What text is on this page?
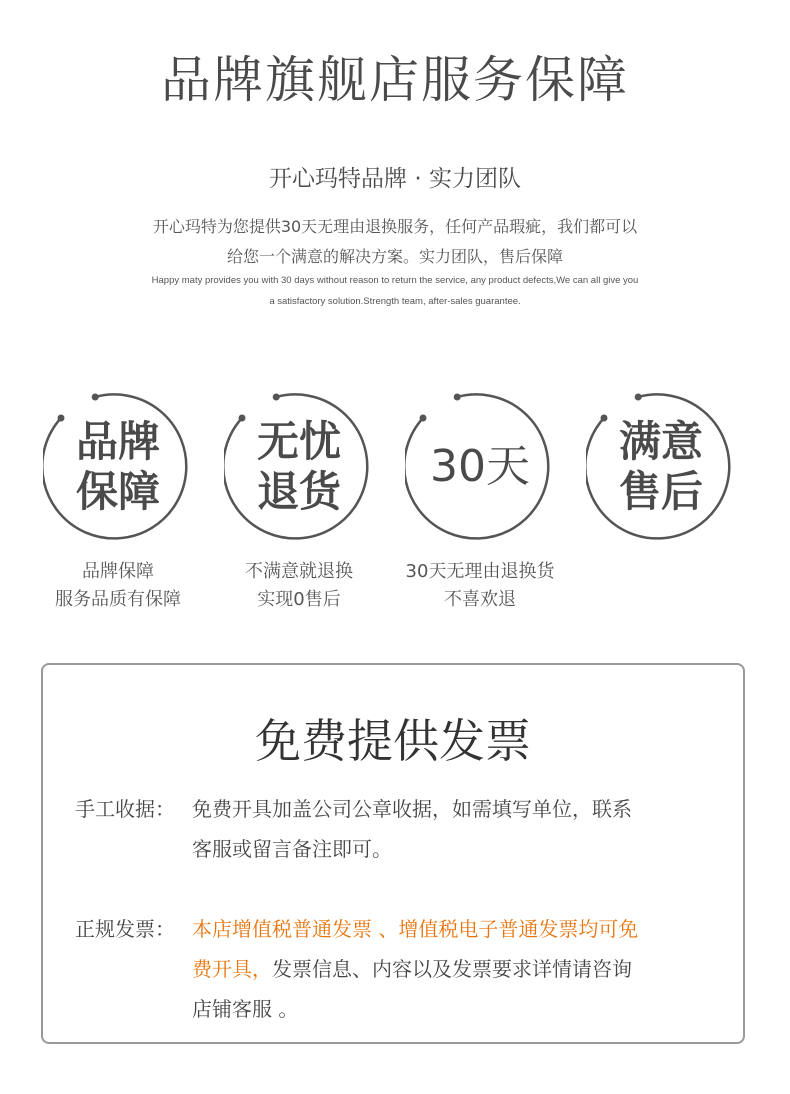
品牌旗舰店服务保障
开心玛特品牌 · 实力团队
开心玛特为您提供30天无理由退换服务，任何产品瑕疵，我们都可以
给您一个满意的解决方案。实力团队，售后保障
Happy maty provides you with 30 days without reason to return the service, any product defects,We can all give you
a satisfactory solution.Strength team, after-sales guarantee.
品牌
保障
品牌保障
服务品质有保障
无忧
退货
不满意就退换
实现0售后
30天
30天无理由退换货
不喜欢退
满意
售后
免费提供发票
手工收据： 免费开具加盖公司公章收据，如需填写单位，联系
客服或留言备注即可。
正规发票： 本店增值税普通发票 、增值税电子普通发票均可免
费开具，发票信息、内容以及发票要求详情请咨询
店铺客服 。
